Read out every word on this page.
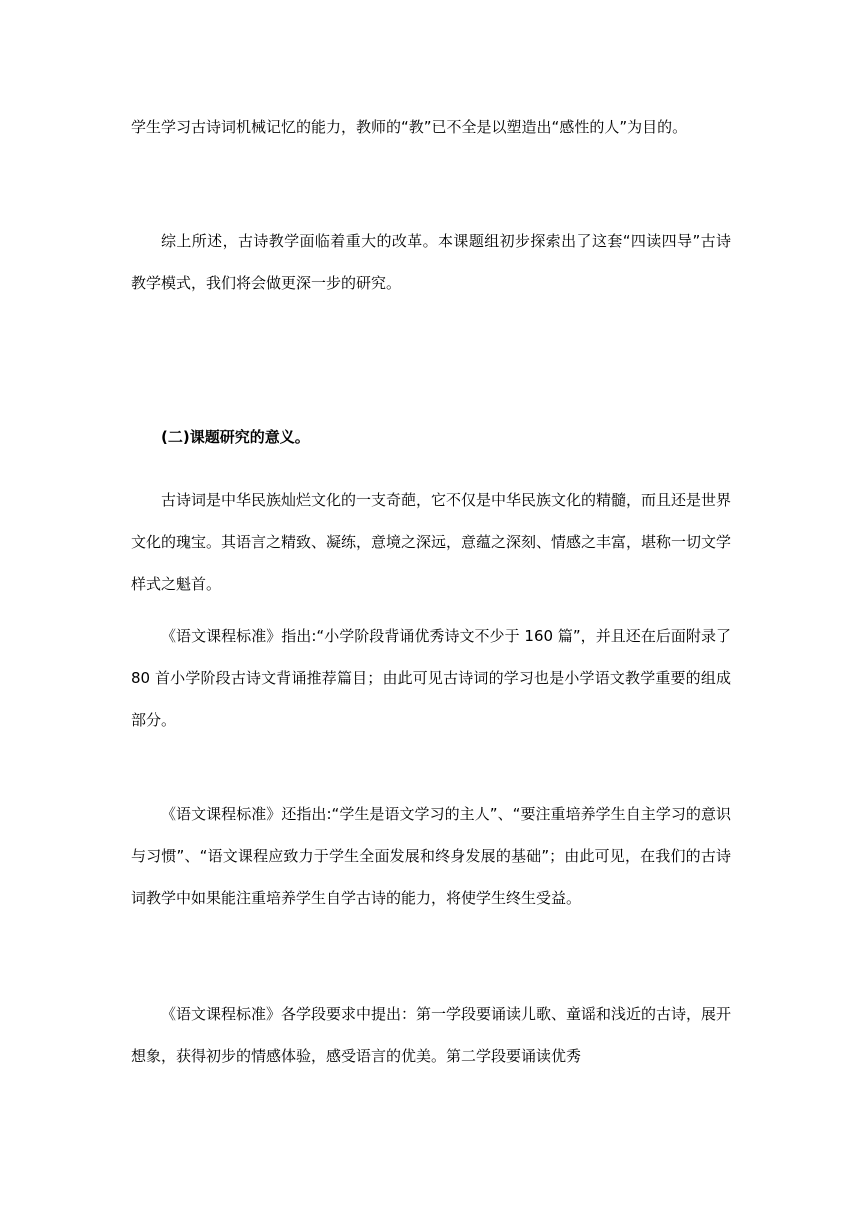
学生学习古诗词机械记忆的能力，教师的“教”已不全是以塑造出“感性的人”为目的。

综上所述，古诗教学面临着重大的改革。本课题组初步探索出了这套“四读四导”古诗教学模式，我们将会做更深一步的研究。

(二)课题研究的意义。

古诗词是中华民族灿烂文化的一支奇葩，它不仅是中华民族文化的精髓，而且还是世界文化的瑰宝。其语言之精致、凝练，意境之深远，意蕴之深刻、情感之丰富，堪称一切文学样式之魁首。

《语文课程标准》指出:“小学阶段背诵优秀诗文不少于 160 篇”，并且还在后面附录了 80 首小学阶段古诗文背诵推荐篇目；由此可见古诗词的学习也是小学语文教学重要的组成部分。

《语文课程标准》还指出:“学生是语文学习的主人”、“要注重培养学生自主学习的意识与习惯”、“语文课程应致力于学生全面发展和终身发展的基础”；由此可见，在我们的古诗词教学中如果能注重培养学生自学古诗的能力，将使学生终生受益。

《语文课程标准》各学段要求中提出：第一学段要诵读儿歌、童谣和浅近的古诗，展开想象，获得初步的情感体验，感受语言的优美。第二学段要诵读优秀
